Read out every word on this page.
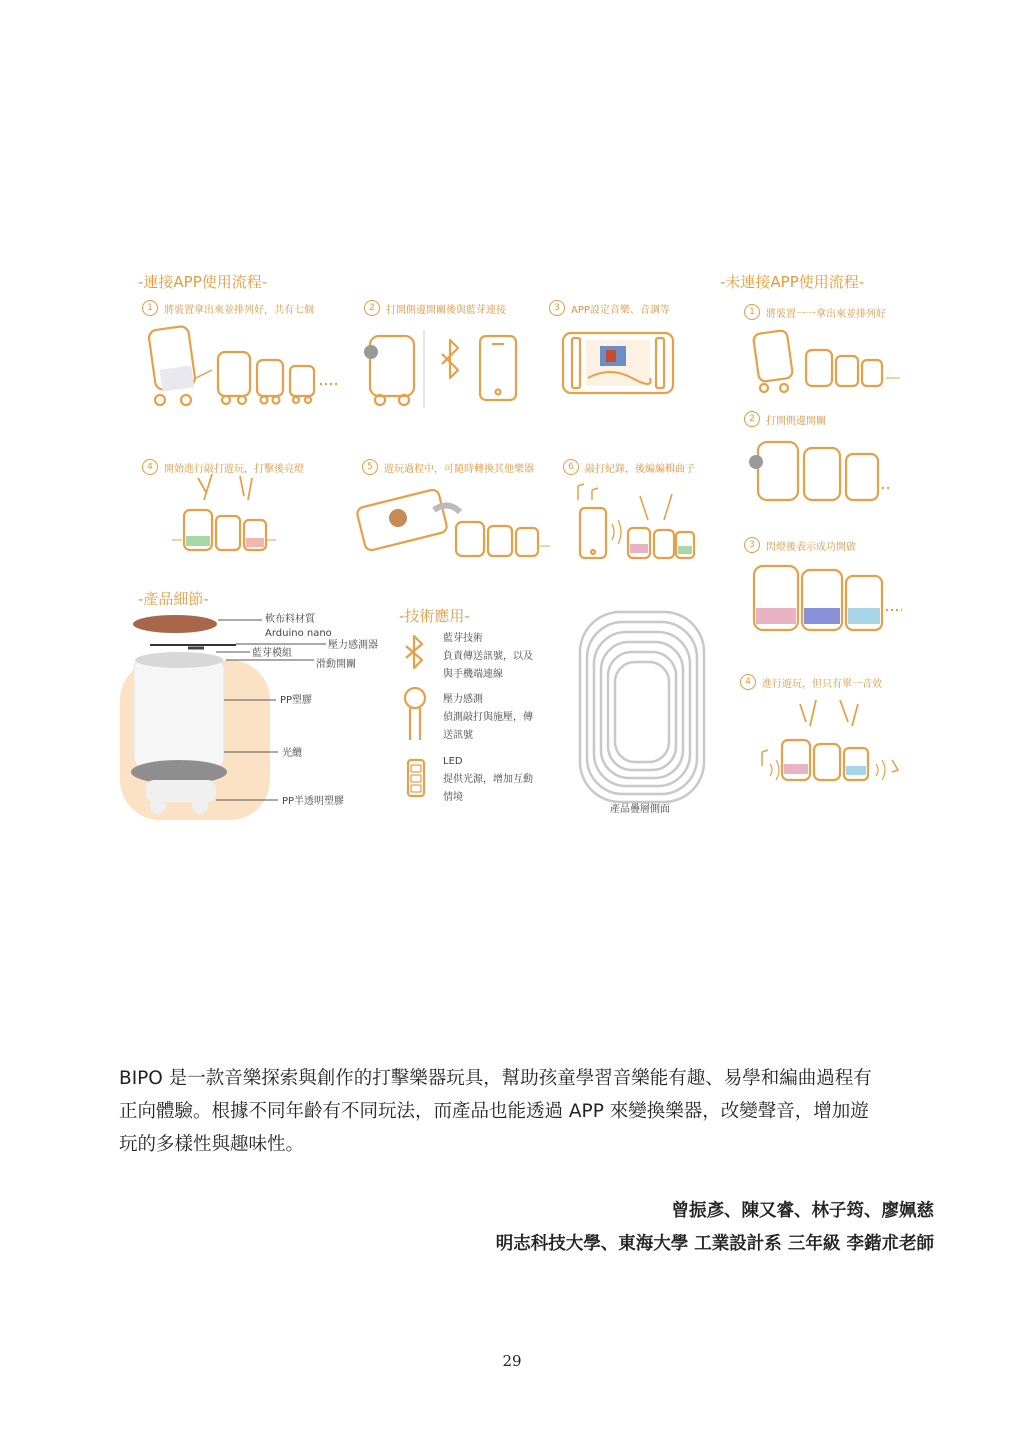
-連接APP使用流程-	-未連接APP使用流程-
-產品細節-
-技術應用-
1	將裝置拿出來並排列好，共有七個	2	打開側邊開關後與藍芽連接	3	APP設定音樂、音調等
4	開始進行敲打遊玩，打擊後亮燈	5	遊玩過程中，可隨時轉換其他樂器	6	敲打紀錄，後編編輯曲子
1	將裝置一一拿出來並排列好
2	打開側邊開關
3	閃燈後表示成功開啟
4	進行遊玩，但只有單一音效
軟布料材質
Arduino nano
壓力感測器
藍芽模組
滑動開關
PP塑膠
光纜
PP半透明塑膠
藍芽技術
負責傳送訊號，以及
與手機端連線
壓力感測
偵測敲打與施壓，傳
送訊號
LED
提供光源，增加互動
情境
產品疊層側面
BIPO 是一款音樂探索與創作的打擊樂器玩具，幫助孩童學習音樂能有趣、易學和編曲過程有
正向體驗。根據不同年齡有不同玩法，而產品也能透過 APP 來變換樂器，改變聲音，增加遊
玩的多樣性與趣味性。
曾振彥、陳又睿、林子筠、廖姵慈
明志科技大學、東海大學 工業設計系 三年級 李鍇朮老師
29
